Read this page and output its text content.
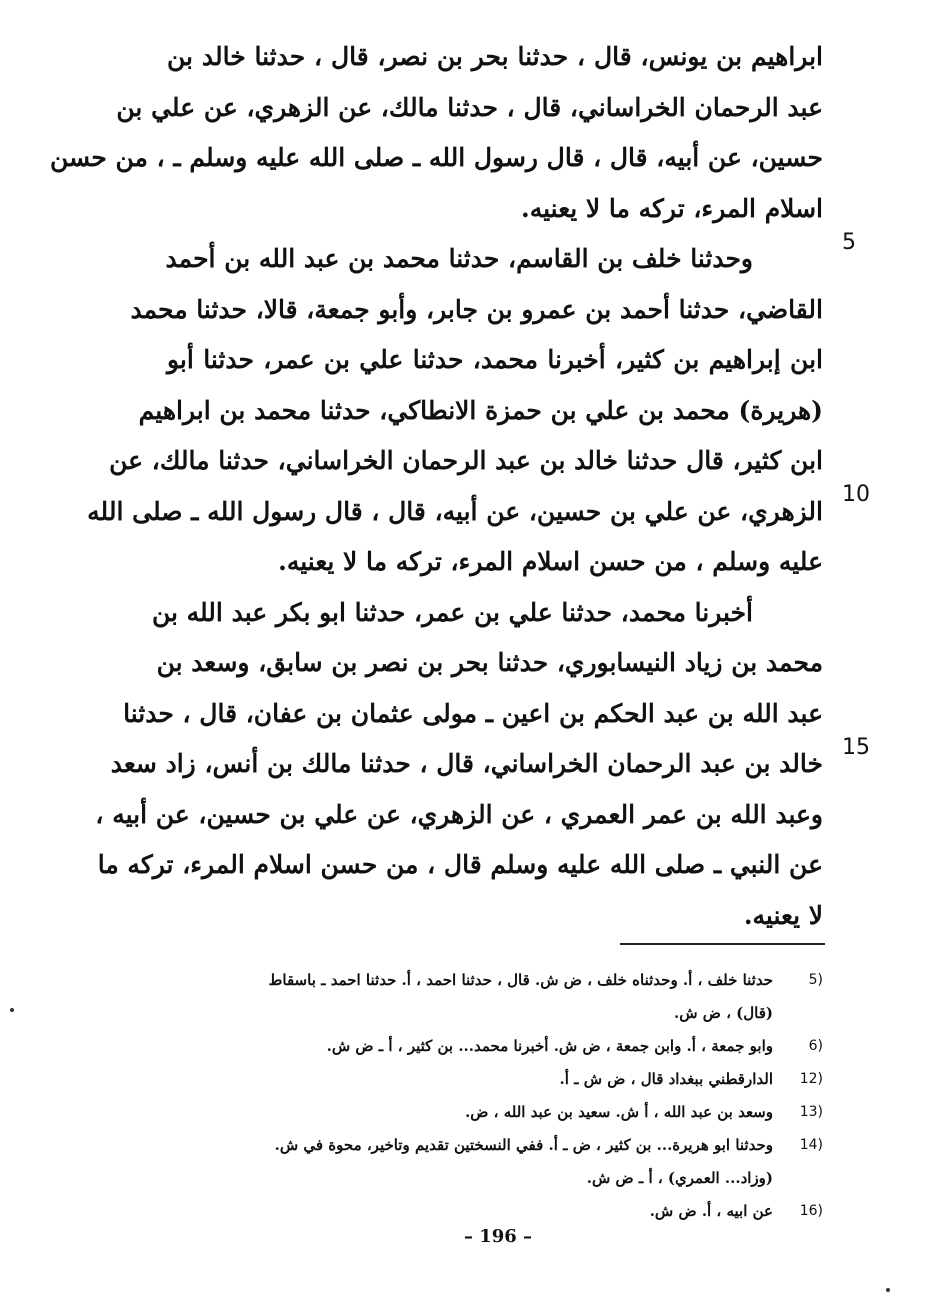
ابراهيم بن يونس، قال ، حدثنا بحر بن نصر، قال ، حدثنا خالد بن
عبد الرحمان الخراساني، قال ، حدثنا مالك، عن الزهري، عن علي بن
حسين، عن أبيه، قال ، قال رسول الله ـ صلى الله عليه وسلم ـ ، من حسن
اسلام المرء، تركه ما لا يعنيه.
وحدثنا خلف بن القاسم، حدثنا محمد بن عبد الله بن أحمد
القاضي، حدثنا أحمد بن عمرو بن جابر، وأبو جمعة، قالا، حدثنا محمد
ابن إبراهيم بن كثير، أخبرنا محمد، حدثنا علي بن عمر، حدثنا أبو
(هريرة) محمد بن علي بن حمزة الانطاكي، حدثنا محمد بن ابراهيم
ابن كثير، قال حدثنا خالد بن عبد الرحمان الخراساني، حدثنا مالك، عن
الزهري، عن علي بن حسين، عن أبيه، قال ، قال رسول الله ـ صلى الله
عليه وسلم ، من حسن اسلام المرء، تركه ما لا يعنيه.
أخبرنا محمد، حدثنا علي بن عمر، حدثنا ابو بكر عبد الله بن
محمد بن زياد النيسابوري، حدثنا بحر بن نصر بن سابق، وسعد بن
عبد الله بن عبد الحكم بن اعين ـ مولى عثمان بن عفان، قال ، حدثنا
خالد بن عبد الرحمان الخراساني، قال ، حدثنا مالك بن أنس، زاد سعد
وعبد الله بن عمر العمري ، عن الزهري، عن علي بن حسين، عن أبيه ،
عن النبي ـ صلى الله عليه وسلم قال ، من حسن اسلام المرء، تركه ما
لا يعنيه.
5
10
15
5)
حدثنا خلف ، أ. وحدثناه خلف ، ض ش. قال ، حدثنا احمد ، أ. حدثنا احمد ـ باسقاط
(قال) ، ض ش.
6)
وابو جمعة ، أ. وابن جمعة ، ض ش. أخبرنا محمد... بن كثير ، أ ـ ض ش.
12)
الدارقطني ببغداد قال ، ض ش ـ أ.
13)
وسعد بن عبد الله ، أ ش. سعيد بن عبد الله ، ض.
14)
وحدثنا ابو هريرة... بن كثير ، ض ـ أ. ففي النسختين تقديم وتاخير، محوة في ش.
(وزاد... العمري) ، أ ـ ض ش.
16)
عن ابيه ، أ. ض ش.
– 196 –
